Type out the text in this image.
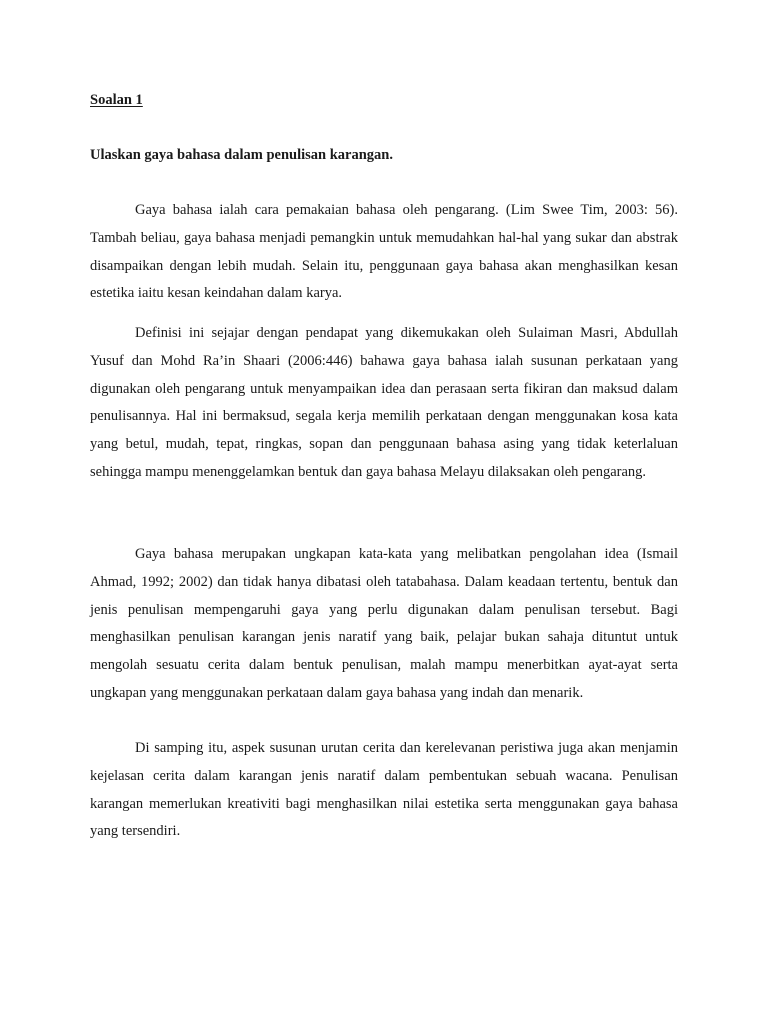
Soalan 1
Ulaskan gaya bahasa dalam penulisan karangan.

Gaya bahasa ialah cara pemakaian bahasa oleh pengarang. (Lim Swee Tim, 2003: 56). Tambah beliau, gaya bahasa menjadi pemangkin untuk memudahkan hal-hal yang sukar dan abstrak disampaikan dengan lebih mudah. Selain itu, penggunaan gaya bahasa akan menghasilkan kesan estetika iaitu kesan keindahan dalam karya.

Definisi ini sejajar dengan pendapat yang dikemukakan oleh Sulaiman Masri, Abdullah Yusuf dan Mohd Ra’in Shaari (2006:446) bahawa gaya bahasa ialah susunan perkataan yang digunakan oleh pengarang untuk menyampaikan idea dan perasaan serta fikiran dan maksud dalam penulisannya. Hal ini bermaksud, segala kerja memilih perkataan dengan menggunakan kosa kata yang betul, mudah, tepat, ringkas, sopan dan penggunaan bahasa asing yang tidak keterlaluan sehingga mampu menenggelamkan bentuk dan gaya bahasa Melayu dilaksakan oleh pengarang.

Gaya bahasa merupakan ungkapan kata-kata yang melibatkan pengolahan idea (Ismail Ahmad, 1992; 2002) dan tidak hanya dibatasi oleh tatabahasa. Dalam keadaan tertentu, bentuk dan jenis penulisan mempengaruhi gaya yang perlu digunakan dalam penulisan tersebut. Bagi menghasilkan penulisan karangan jenis naratif yang baik, pelajar bukan sahaja dituntut untuk mengolah sesuatu cerita dalam bentuk penulisan, malah mampu menerbitkan ayat-ayat serta ungkapan yang menggunakan perkataan dalam gaya bahasa yang indah dan menarik.

Di samping itu, aspek susunan urutan cerita dan kerelevanan peristiwa juga akan menjamin kejelasan cerita dalam karangan jenis naratif dalam pembentukan sebuah wacana. Penulisan karangan memerlukan kreativiti bagi menghasilkan nilai estetika serta menggunakan gaya bahasa yang tersendiri.
